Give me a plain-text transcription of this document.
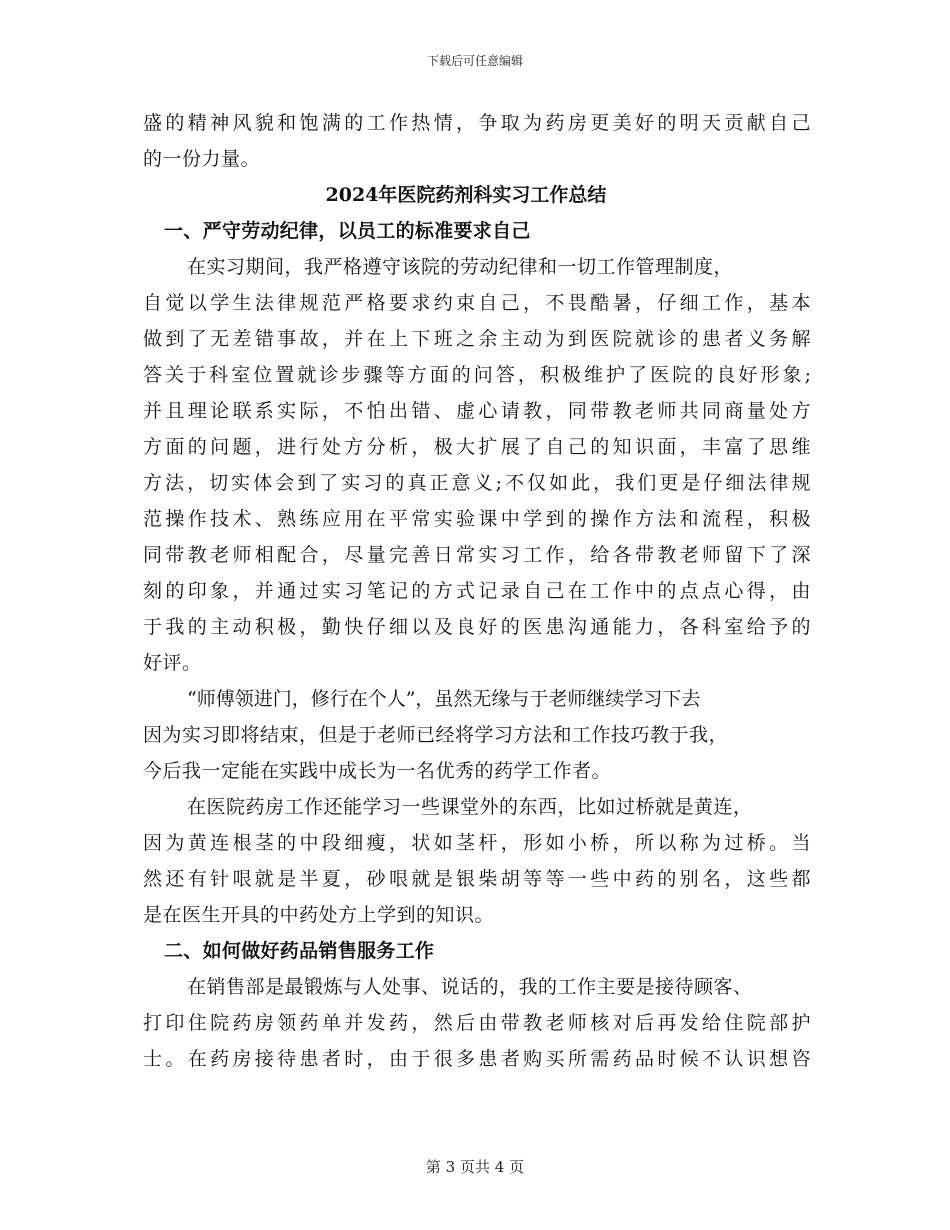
下载后可任意编辑
盛的精神风貌和饱满的工作热情，争取为药房更美好的明天贡献自己
的一份力量。
2024年医院药剂科实习工作总结
一、严守劳动纪律，以员工的标准要求自己
在实习期间，我严格遵守该院的劳动纪律和一切工作管理制度，
自觉以学生法律规范严格要求约束自己，不畏酷暑，仔细工作，基本
做到了无差错事故，并在上下班之余主动为到医院就诊的患者义务解
答关于科室位置就诊步骤等方面的问答，积极维护了医院的良好形象;
并且理论联系实际，不怕出错、虚心请教，同带教老师共同商量处方
方面的问题，进行处方分析，极大扩展了自己的知识面，丰富了思维
方法，切实体会到了实习的真正意义;不仅如此，我们更是仔细法律规
范操作技术、熟练应用在平常实验课中学到的操作方法和流程，积极
同带教老师相配合，尽量完善日常实习工作，给各带教老师留下了深
刻的印象，并通过实习笔记的方式记录自己在工作中的点点心得，由
于我的主动积极，勤快仔细以及良好的医患沟通能力，各科室给予的
好评。
“师傅领进门，修行在个人”，虽然无缘与于老师继续学习下去
因为实习即将结束，但是于老师已经将学习方法和工作技巧教于我，
今后我一定能在实践中成长为一名优秀的药学工作者。
在医院药房工作还能学习一些课堂外的东西，比如过桥就是黄连，
因为黄连根茎的中段细瘦，状如茎杆，形如小桥，所以称为过桥。当
然还有针哏就是半夏，砂哏就是银柴胡等等一些中药的别名，这些都
是在医生开具的中药处方上学到的知识。
二、如何做好药品销售服务工作
在销售部是最锻炼与人处事、说话的，我的工作主要是接待顾客、
打印住院药房领药单并发药，然后由带教老师核对后再发给住院部护
士。在药房接待患者时，由于很多患者购买所需药品时候不认识想咨
第 3 页共 4 页
